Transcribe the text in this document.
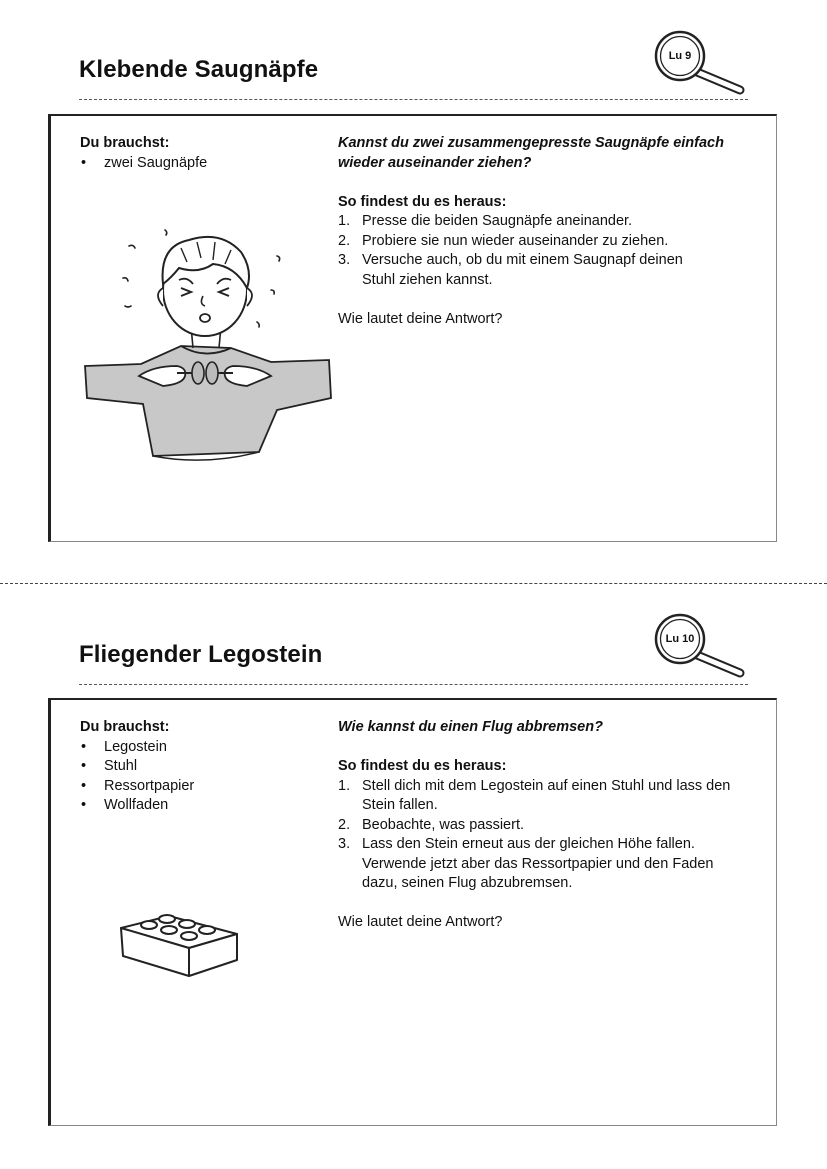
Klebende Saugnäpfe	Lu 9
Du brauchst:
• zwei Saugnäpfe
Kannst du zwei zusammengepresste Saugnäpfe einfach wieder auseinander ziehen?
So findest du es heraus:
1. Presse die beiden Saugnäpfe aneinander.
2. Probiere sie nun wieder auseinander zu ziehen.
3. Versuche auch, ob du mit einem Saugnapf deinen Stuhl ziehen kannst.
Wie lautet deine Antwort?
Fliegender Legostein
Lu 10
Du brauchst:
• Legostein
• Stuhl
• Ressortpapier
• Wollfaden
Wie kannst du einen Flug abbremsen?
So findest du es heraus:
1. Stell dich mit dem Legostein auf einen Stuhl und lass den Stein fallen.
2. Beobachte, was passiert.
3. Lass den Stein erneut aus der gleichen Höhe fallen. Verwende jetzt aber das Ressortpapier und den Faden dazu, seinen Flug abzubremsen.
Wie lautet deine Antwort?
